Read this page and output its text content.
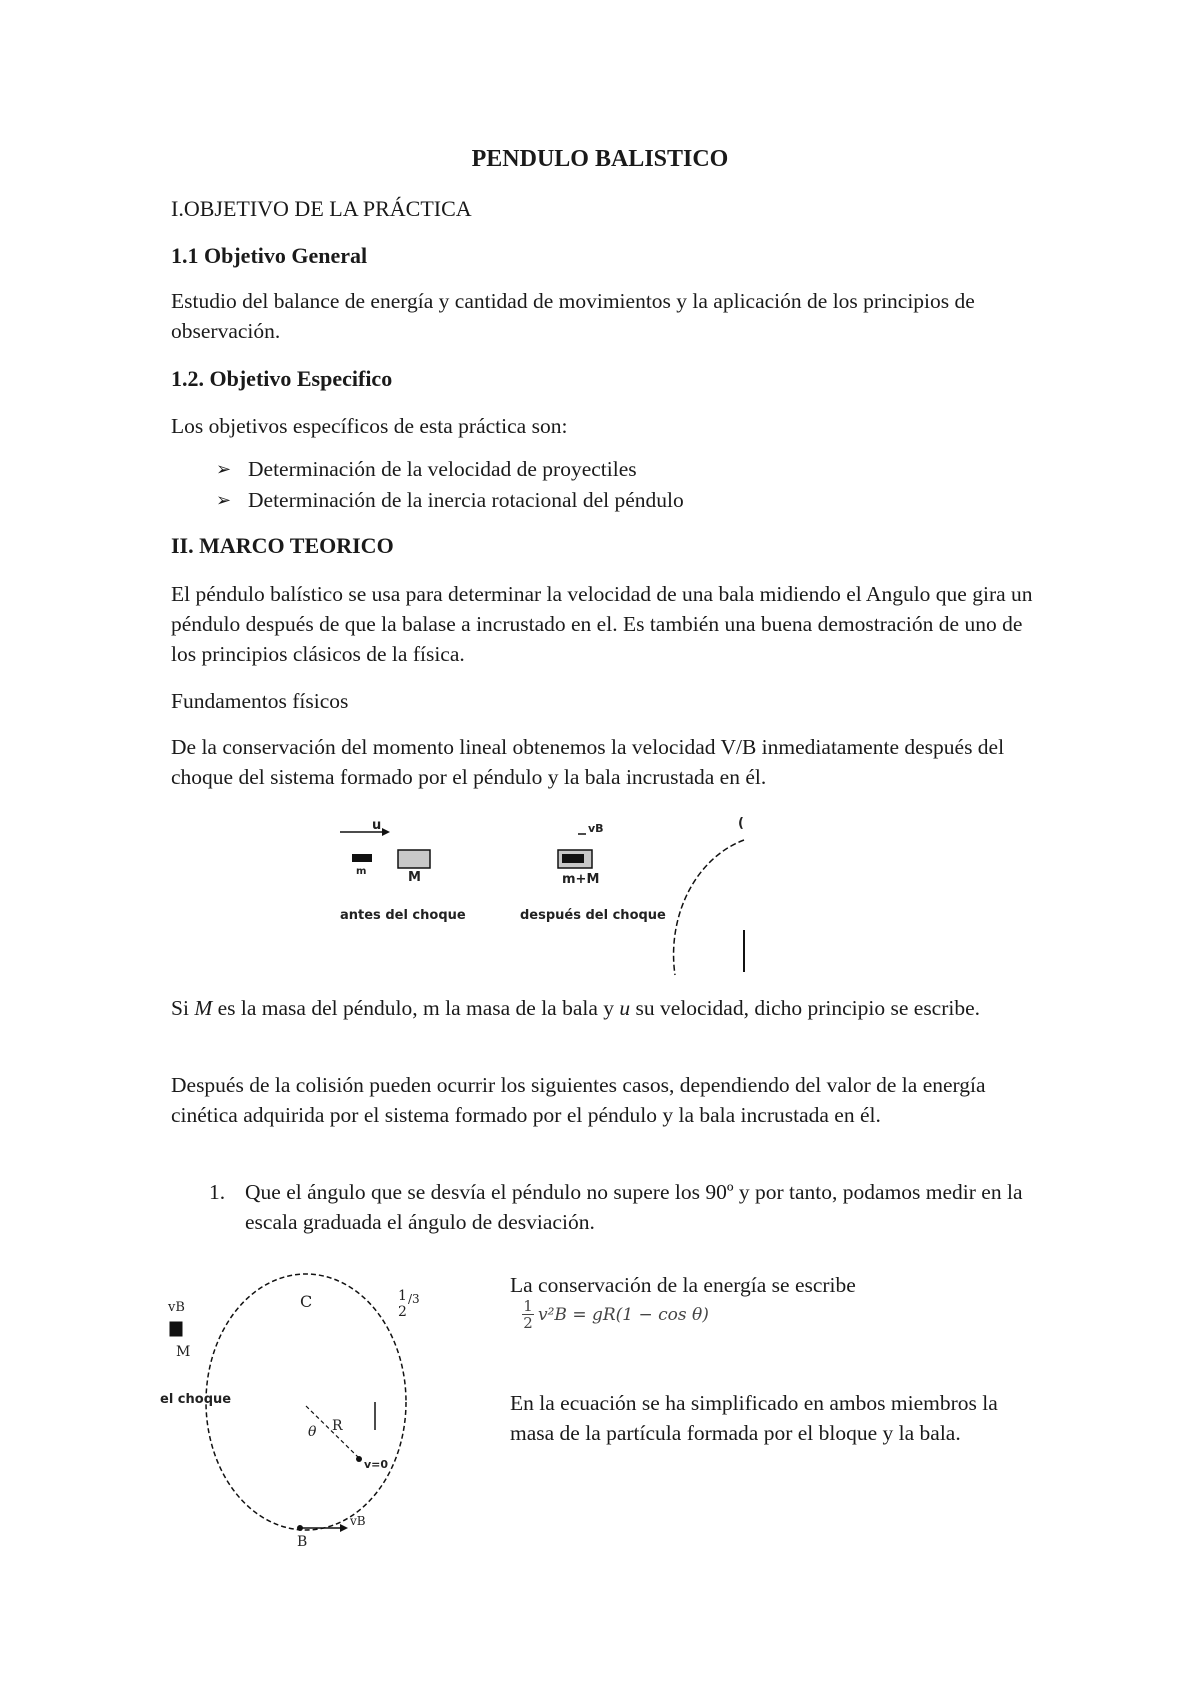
PENDULO BALISTICO
I.OBJETIVO DE LA PRÁCTICA
1.1 Objetivo General
Estudio del balance de energía y cantidad de movimientos y la aplicación de los principios de observación.
1.2. Objetivo Especifico
Los objetivos específicos de esta práctica son:
➢ Determinación de la velocidad de proyectiles
➢ Determinación de la inercia rotacional del péndulo
II. MARCO TEORICO
El péndulo balístico se usa para determinar la velocidad de una bala midiendo el Angulo que gira un péndulo después de que la balase a incrustado en el. Es también una buena demostración de uno de los principios clásicos de la física.
Fundamentos físicos
De la conservación del momento lineal obtenemos la velocidad V/B inmediatamente después del choque del sistema formado por el péndulo y la bala incrustada en él.
u
m	M
antes del choque
vB
m+M
después del choque
(
Si M es la masa del péndulo, m la masa de la bala y u su velocidad, dicho principio se escribe.
Después de la colisión pueden ocurrir los siguientes casos, dependiendo del valor de la energía cinética adquirida por el sistema formado por el péndulo y la bala incrustada en él.
1. Que el ángulo que se desvía el péndulo no supere los 90º y por tanto, podamos medir en la escala graduada el ángulo de desviación.
vB
M
el choque
C	1
2
/3
θ R
v=0
B
vB
La conservación de la energía se escribe
$\frac{1}{2} v^2B = gR(1 - \cos \theta)$
En la ecuación se ha simplificado en ambos miembros la masa de la partícula formada por el bloque y la bala.
